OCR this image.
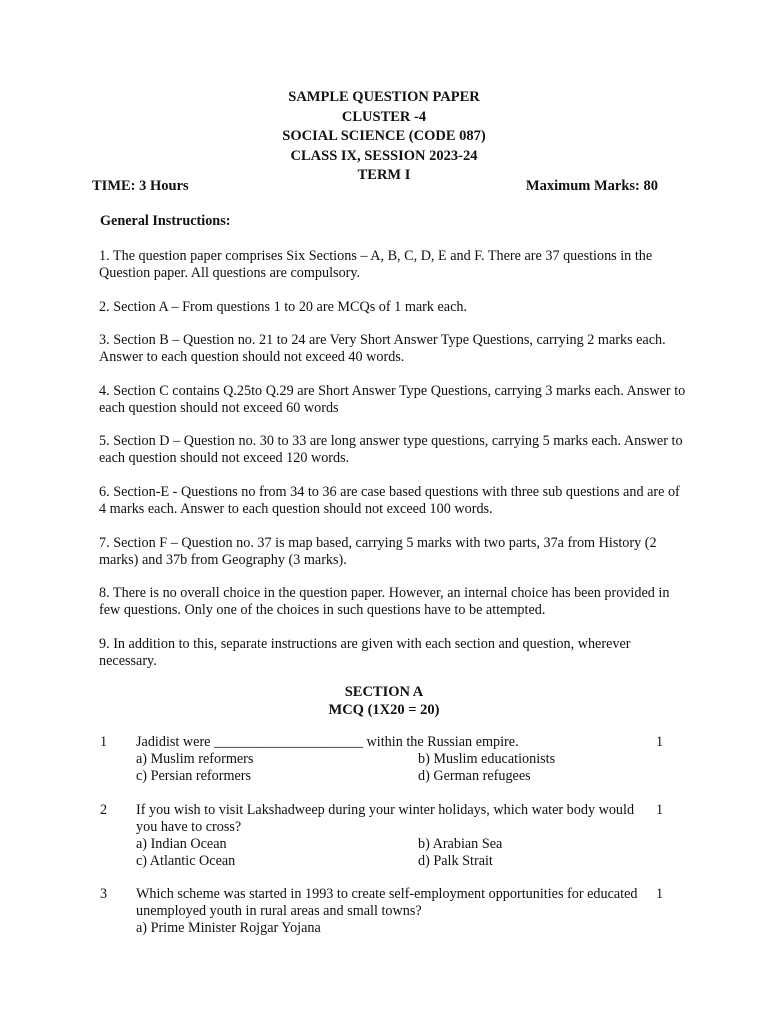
SAMPLE QUESTION PAPER
CLUSTER -4
SOCIAL SCIENCE (CODE 087)
CLASS IX, SESSION 2023-24
TERM I
TIME: 3 Hours	Maximum Marks: 80
General Instructions:

1. The question paper comprises Six Sections – A, B, C, D, E and F. There are 37 questions in the Question paper. All questions are compulsory.

2. Section A – From questions 1 to 20 are MCQs of 1 mark each.

3. Section B – Question no. 21 to 24 are Very Short Answer Type Questions, carrying 2 marks each. Answer to each question should not exceed 40 words.

4. Section C contains Q.25to Q.29 are Short Answer Type Questions, carrying 3 marks each. Answer to each question should not exceed 60 words

5. Section D – Question no. 30 to 33 are long answer type questions, carrying 5 marks each. Answer to each question should not exceed 120 words.

6. Section-E - Questions no from 34 to 36 are case based questions with three sub questions and are of 4 marks each. Answer to each question should not exceed 100 words.

7. Section F – Question no. 37 is map based, carrying 5 marks with two parts, 37a from History (2 marks) and 37b from Geography (3 marks).

8. There is no overall choice in the question paper. However, an internal choice has been provided in few questions. Only one of the choices in such questions have to be attempted.

9. In addition to this, separate instructions are given with each section and question, wherever necessary.

SECTION A
MCQ (1X20 = 20)
1 Jadidist were _____________________ within the Russian empire.
a) Muslim reformers	b) Muslim educationists
c) Persian reformers	d) German refugees
1
2 If you wish to visit Lakshadweep during your winter holidays, which water body would you have to cross?
a) Indian Ocean	b) Arabian Sea
c) Atlantic Ocean	d) Palk Strait
1
3 Which scheme was started in 1993 to create self-employment opportunities for educated unemployed youth in rural areas and small towns?
a) Prime Minister Rojgar Yojana
1
